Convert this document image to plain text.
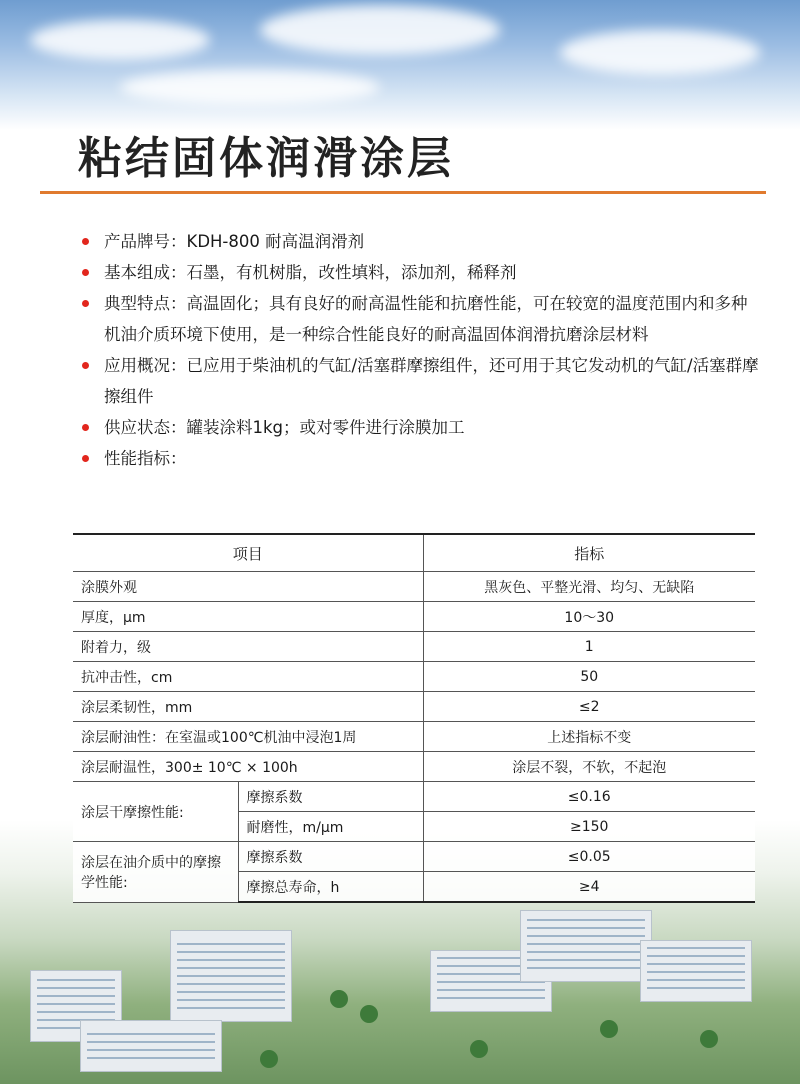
粘结固体润滑涂层
产品牌号：KDH-800 耐高温润滑剂
基本组成：石墨，有机树脂，改性填料，添加剂，稀释剂
典型特点：高温固化；具有良好的耐高温性能和抗磨性能，可在较宽的温度范围内和多种机油介质环境下使用，是一种综合性能良好的耐高温固体润滑抗磨涂层材料
应用概况：已应用于柴油机的气缸/活塞群摩擦组件，还可用于其它发动机的气缸/活塞群摩擦组件
供应状态：罐装涂料1kg；或对零件进行涂膜加工
性能指标：
项目		指标
涂膜外观		黑灰色、平整光滑、均匀、无缺陷
厚度，μm		10～30
附着力，级		1
抗冲击性，cm		50
涂层柔韧性，mm		≤2
涂层耐油性：在室温或100℃机油中浸泡1周		上述指标不变
涂层耐温性，300± 10℃ × 100h		涂层不裂，不软，不起泡
涂层干摩擦性能:	摩擦系数	≤0.16
	耐磨性，m/μm	≥150
涂层在油介质中的摩擦学性能:	摩擦系数	≤0.05
	摩擦总寿命，h	≥4
